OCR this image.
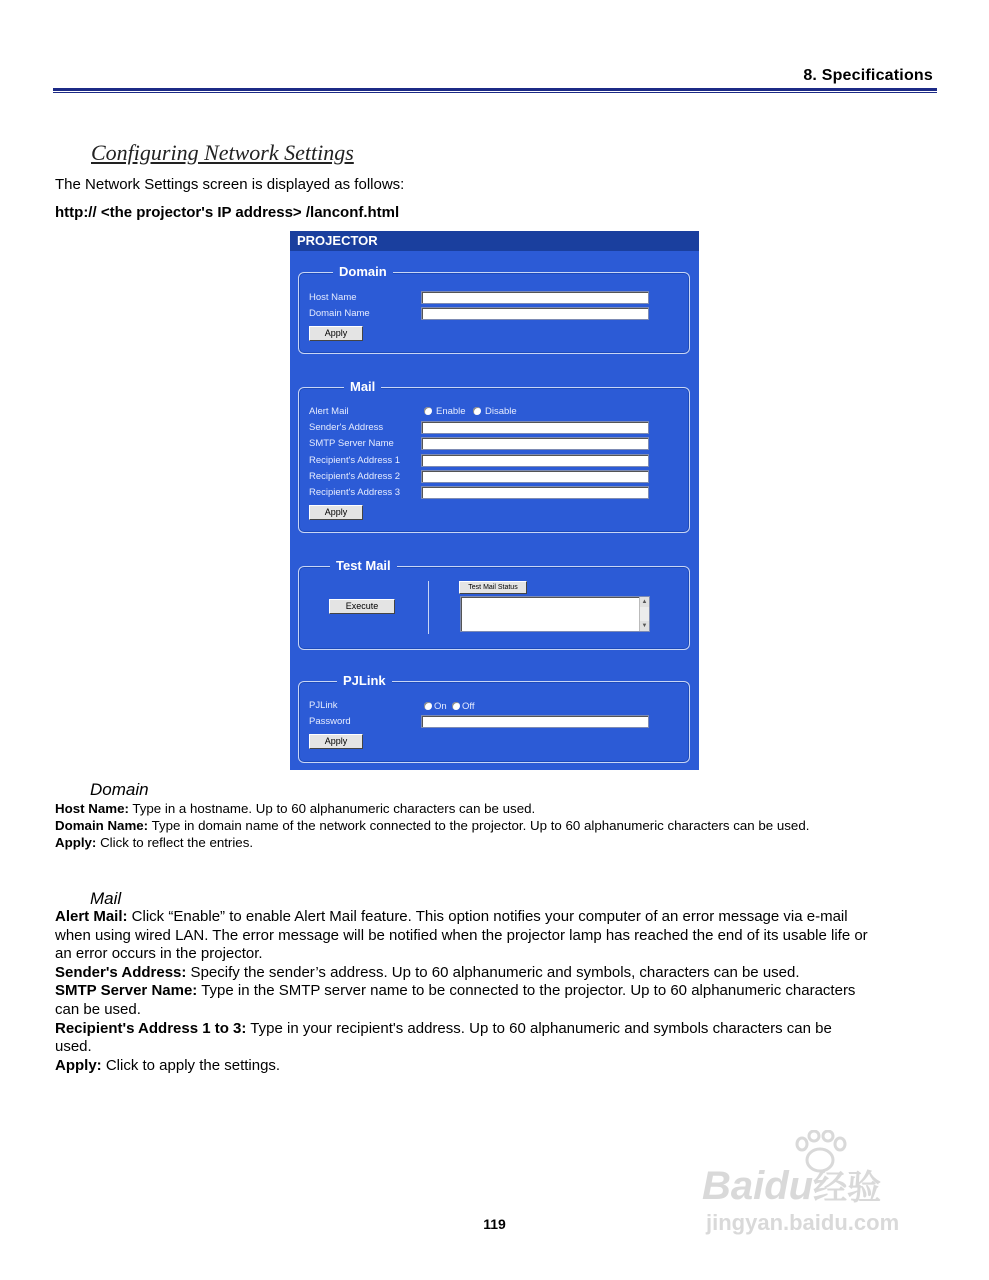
8. Specifications
Configuring Network Settings
The Network Settings screen is displayed as follows:
http:// <the projector's IP address> /lanconf.html
PROJECTOR
Domain
Host Name
Domain Name
Apply
Mail
Alert Mail	Enable Disable
Sender's Address
SMTP Server Name
Recipient's Address 1
Recipient's Address 2
Recipient's Address 3
Apply
Test Mail
Execute
Test Mail Status
▲
▼
PJLink
PJLink	On Off
Password
Apply
Domain
Host Name: Type in a hostname. Up to 60 alphanumeric characters can be used.
Domain Name: Type in domain name of the network connected to the projector. Up to 60 alphanumeric characters can be used.
Apply: Click to reflect the entries.
Mail
Alert Mail: Click “Enable” to enable Alert Mail feature. This option notifies your computer of an error message via e-mail
when using wired LAN. The error message will be notified when the projector lamp has reached the end of its usable life or
an error occurs in the projector.
Sender's Address: Specify the sender’s address. Up to 60 alphanumeric and symbols, characters can be used.
SMTP Server Name: Type in the SMTP server name to be connected to the projector. Up to 60 alphanumeric characters
can be used.
Recipient's Address 1 to 3: Type in your recipient's address. Up to 60 alphanumeric and symbols characters can be
used.
Apply: Click to apply the settings.
119
Baidu经验
jingyan.baidu.com
